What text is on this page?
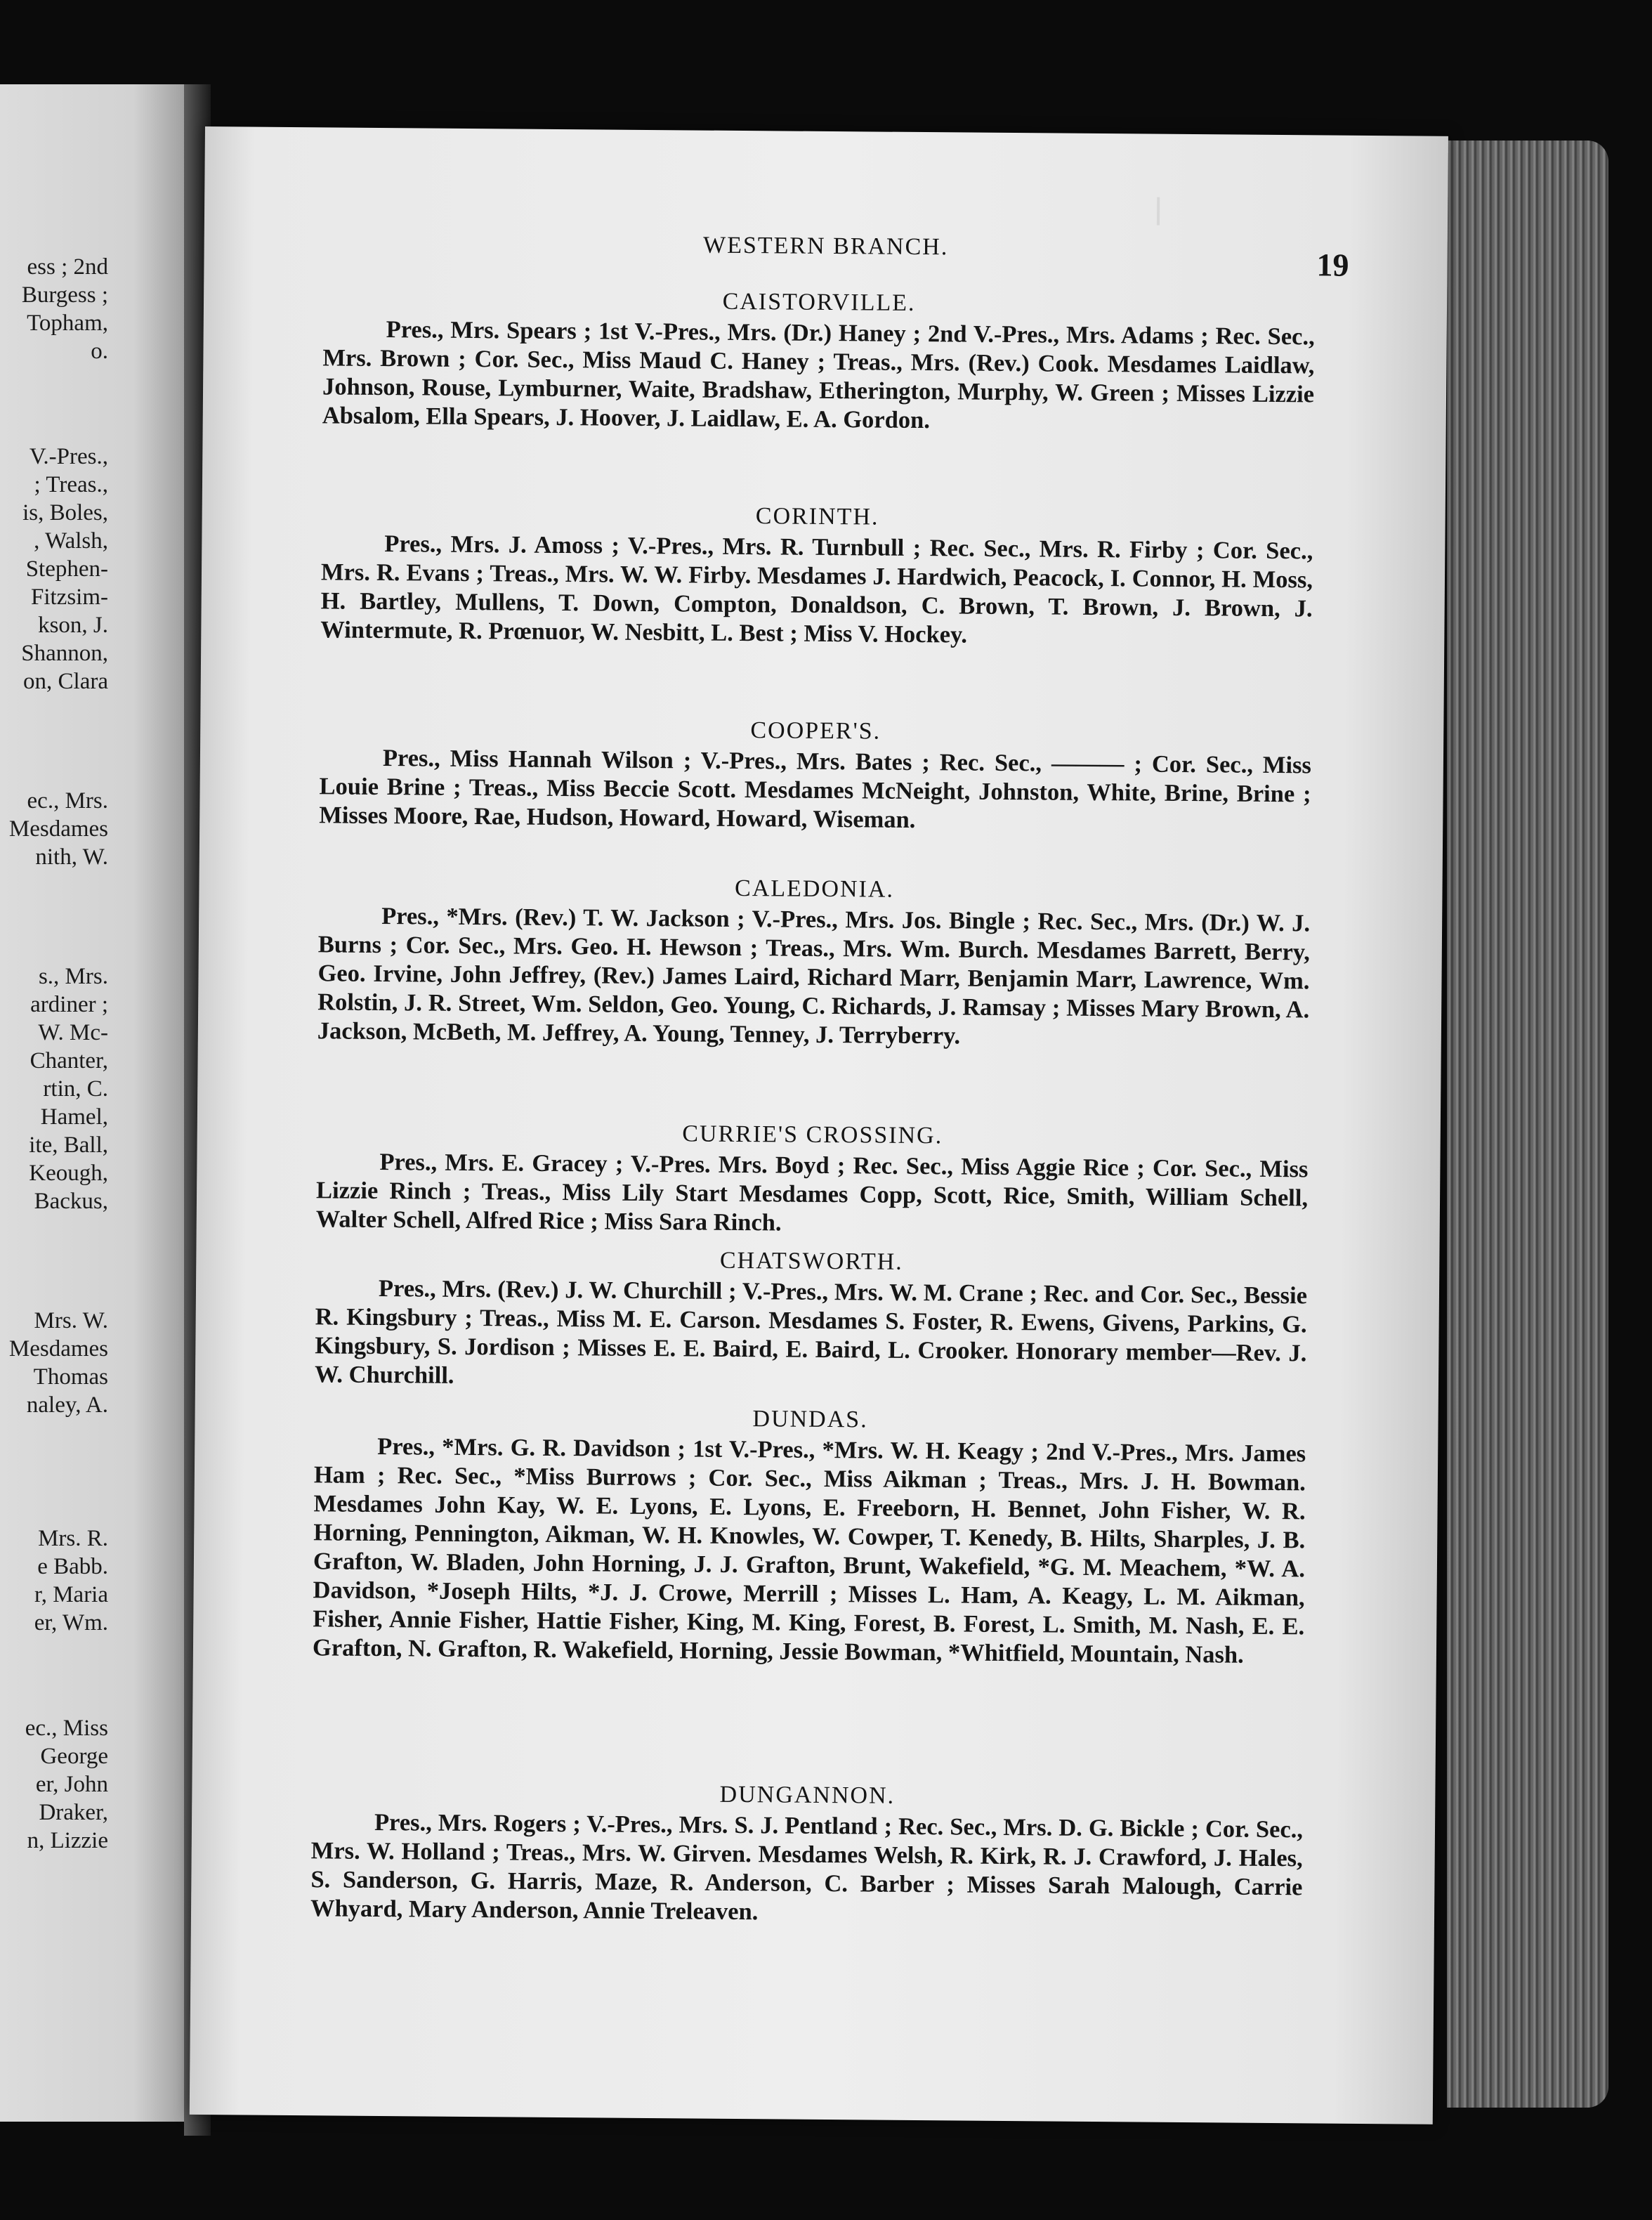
ess ; 2nd
Burgess ;
Topham,
o.
V.-Pres.,
; Treas.,
is, Boles,
, Walsh,
Stephen-
Fitzsim-
kson, J.
Shannon,
on, Clara
ec., Mrs.
Mesdames
nith, W.
s., Mrs.
ardiner ;
W. Mc-
Chanter,
rtin, C.
Hamel,
ite, Ball,
Keough,
Backus,
Mrs. W.
Mesdames
Thomas
naley, A.
Mrs. R.
e Babb.
r, Maria
er, Wm.
ec., Miss
George
er, John
Draker,
n, Lizzie
WESTERN BRANCH.
19
CAISTORVILLE.

Pres., Mrs. Spears ; 1st V.-Pres., Mrs. (Dr.) Haney ; 2nd V.-Pres., Mrs. Adams ; Rec. Sec., Mrs. Brown ; Cor. Sec., Miss Maud C. Haney ; Treas., Mrs. (Rev.) Cook. Mesdames Laidlaw, Johnson, Rouse, Lymburner, Waite, Bradshaw, Etherington, Murphy, W. Green ; Misses Lizzie Absalom, Ella Spears, J. Hoover, J. Laidlaw, E. A. Gordon.

CORINTH.

Pres., Mrs. J. Amoss ; V.-Pres., Mrs. R. Turnbull ; Rec. Sec., Mrs. R. Firby ; Cor. Sec., Mrs. R. Evans ; Treas., Mrs. W. W. Firby. Mesdames J. Hardwich, Peacock, I. Connor, H. Moss, H. Bartley, Mullens, T. Down, Compton, Donaldson, C. Brown, T. Brown, J. Brown, J. Wintermute, R. Prœnuor, W. Nesbitt, L. Best ; Miss V. Hockey.

COOPER'S.

Pres., Miss Hannah Wilson ; V.-Pres., Mrs. Bates ; Rec. Sec., ——— ; Cor. Sec., Miss Louie Brine ; Treas., Miss Beccie Scott. Mesdames McNeight, Johnston, White, Brine, Brine ; Misses Moore, Rae, Hudson, Howard, Howard, Wiseman.

CALEDONIA.

Pres., *Mrs. (Rev.) T. W. Jackson ; V.-Pres., Mrs. Jos. Bingle ; Rec. Sec., Mrs. (Dr.) W. J. Burns ; Cor. Sec., Mrs. Geo. H. Hewson ; Treas., Mrs. Wm. Burch. Mesdames Barrett, Berry, Geo. Irvine, John Jeffrey, (Rev.) James Laird, Richard Marr, Benjamin Marr, Lawrence, Wm. Rolstin, J. R. Street, Wm. Seldon, Geo. Young, C. Richards, J. Ramsay ; Misses Mary Brown, A. Jackson, McBeth, M. Jeffrey, A. Young, Tenney, J. Terryberry.

CURRIE'S CROSSING.

Pres., Mrs. E. Gracey ; V.-Pres. Mrs. Boyd ; Rec. Sec., Miss Aggie Rice ; Cor. Sec., Miss Lizzie Rinch ; Treas., Miss Lily Start Mesdames Copp, Scott, Rice, Smith, William Schell, Walter Schell, Alfred Rice ; Miss Sara Rinch.

CHATSWORTH.

Pres., Mrs. (Rev.) J. W. Churchill ; V.-Pres., Mrs. W. M. Crane ; Rec. and Cor. Sec., Bessie R. Kingsbury ; Treas., Miss M. E. Carson. Mesdames S. Foster, R. Ewens, Givens, Parkins, G. Kingsbury, S. Jordison ; Misses E. E. Baird, E. Baird, L. Crooker. Honorary member—Rev. J. W. Churchill.

DUNDAS.

Pres., *Mrs. G. R. Davidson ; 1st V.-Pres., *Mrs. W. H. Keagy ; 2nd V.-Pres., Mrs. James Ham ; Rec. Sec., *Miss Burrows ; Cor. Sec., Miss Aikman ; Treas., Mrs. J. H. Bowman. Mesdames John Kay, W. E. Lyons, E. Lyons, E. Freeborn, H. Bennet, John Fisher, W. R. Horning, Pennington, Aikman, W. H. Knowles, W. Cowper, T. Kenedy, B. Hilts, Sharples, J. B. Grafton, W. Bladen, John Horning, J. J. Grafton, Brunt, Wakefield, *G. M. Meachem, *W. A. Davidson, *Joseph Hilts, *J. J. Crowe, Merrill ; Misses L. Ham, A. Keagy, L. M. Aikman, Fisher, Annie Fisher, Hattie Fisher, King, M. King, Forest, B. Forest, L. Smith, M. Nash, E. E. Grafton, N. Grafton, R. Wakefield, Horning, Jessie Bowman, *Whitfield, Mountain, Nash.

DUNGANNON.

Pres., Mrs. Rogers ; V.-Pres., Mrs. S. J. Pentland ; Rec. Sec., Mrs. D. G. Bickle ; Cor. Sec., Mrs. W. Holland ; Treas., Mrs. W. Girven. Mesdames Welsh, R. Kirk, R. J. Crawford, J. Hales, S. Sanderson, G. Harris, Maze, R. Anderson, C. Barber ; Misses Sarah Malough, Carrie Whyard, Mary Anderson, Annie Treleaven.
